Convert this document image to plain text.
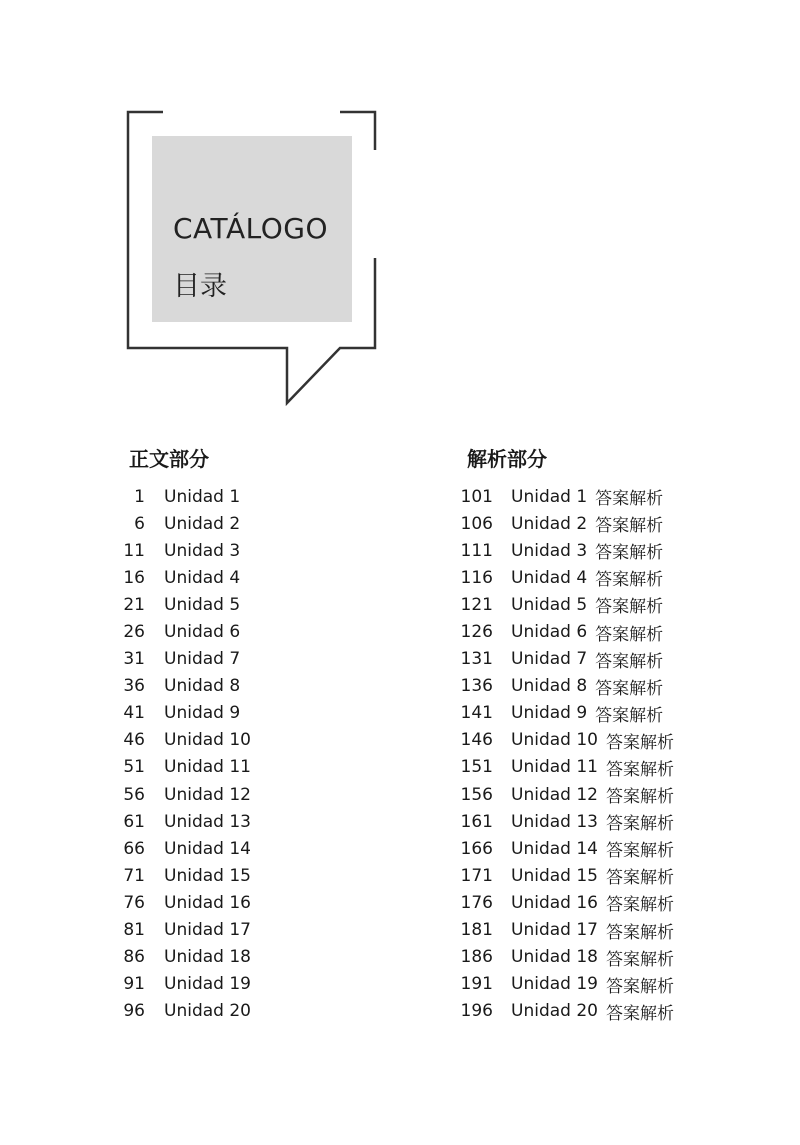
CATÁLOGO
目录
正文部分	解析部分
1 Unidad 1
6 Unidad 2
11 Unidad 3
16 Unidad 4
21 Unidad 5
26 Unidad 6
31 Unidad 7
36 Unidad 8
41 Unidad 9
46 Unidad 10
51 Unidad 11
56 Unidad 12
61 Unidad 13
66 Unidad 14
71 Unidad 15
76 Unidad 16
81 Unidad 17
86 Unidad 18
91 Unidad 19
96 Unidad 20
101 Unidad 1 答案解析
106 Unidad 2 答案解析
111 Unidad 3 答案解析
116 Unidad 4 答案解析
121 Unidad 5 答案解析
126 Unidad 6 答案解析
131 Unidad 7 答案解析
136 Unidad 8 答案解析
141 Unidad 9 答案解析
146 Unidad 10 答案解析
151 Unidad 11 答案解析
156 Unidad 12 答案解析
161 Unidad 13 答案解析
166 Unidad 14 答案解析
171 Unidad 15 答案解析
176 Unidad 16 答案解析
181 Unidad 17 答案解析
186 Unidad 18 答案解析
191 Unidad 19 答案解析
196 Unidad 20 答案解析
